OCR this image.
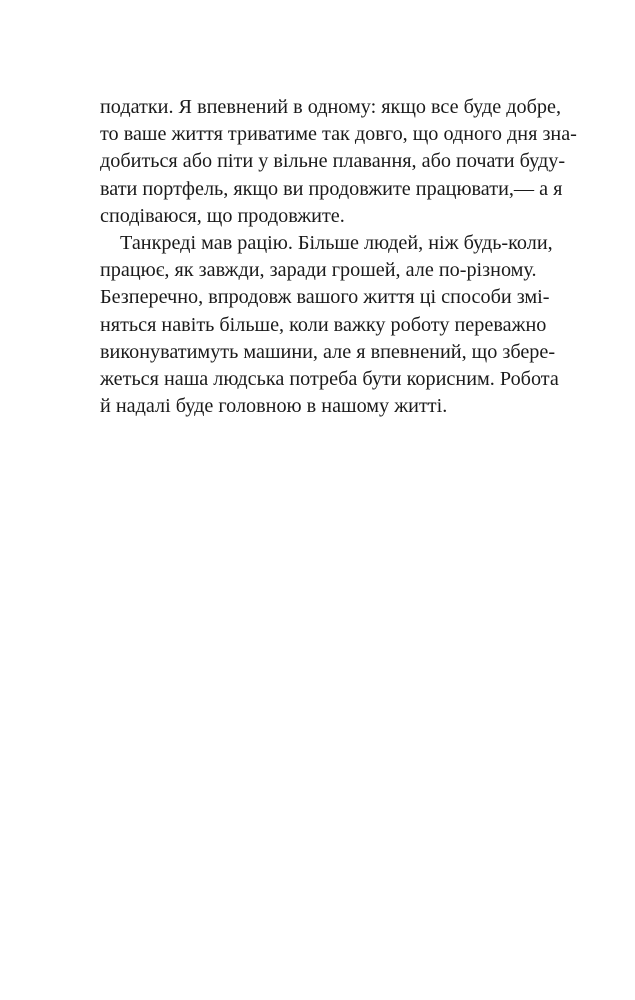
податки. Я впевнений в одному: якщо все буде добре,
то ваше життя триватиме так довго, що одного дня зна-
добиться або піти у вільне плавання, або почати буду-
вати портфель, якщо ви продовжите працювати,— а я
сподіваюся, що продовжите.
Танкреді мав рацію. Більше людей, ніж будь-коли,
працює, як завжди, заради грошей, але по-різному.
Безперечно, впродовж вашого життя ці способи змі-
няться навіть більше, коли важку роботу переважно
виконуватимуть машини, але я впевнений, що збере-
жеться наша людська потреба бути корисним. Робота
й надалі буде головною в нашому житті.
